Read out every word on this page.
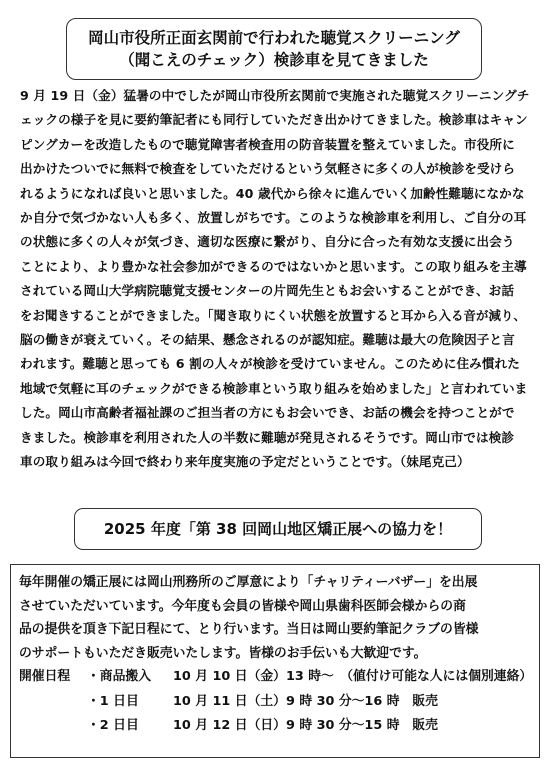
岡山市役所正面玄関前で行われた聴覚スクリーニング
（聞こえのチェック）検診車を見てきました
9 月 19 日（金）猛暑の中でしたが岡山市役所玄関前で実施された聴覚スクリーニングチ
ェックの様子を見に要約筆記者にも同行していただき出かけてきました。検診車はキャン
ピングカーを改造したもので聴覚障害者検査用の防音装置を整えていました。市役所に
出かけたついでに無料で検査をしていただけるという気軽さに多くの人が検診を受けら
れるようになれば良いと思いました。40 歳代から徐々に進んでいく加齢性難聴になかな
か自分で気づかない人も多く、放置しがちです。このような検診車を利用し、ご自分の耳
の状態に多くの人々が気づき、適切な医療に繋がり、自分に合った有効な支援に出会う
ことにより、より豊かな社会参加ができるのではないかと思います。この取り組みを主導
されている岡山大学病院聴覚支援センターの片岡先生ともお会いすることができ、お話
をお聞きすることができました。「聞き取りにくい状態を放置すると耳から入る音が減り、
脳の働きが衰えていく。その結果、懸念されるのが認知症。難聴は最大の危険因子と言
われます。難聴と思っても 6 割の人々が検診を受けていません。このために住み慣れた
地域で気軽に耳のチェックができる検診車という取り組みを始めました」と言われていま
した。岡山市高齢者福祉課のご担当者の方にもお会いでき、お話の機会を持つことがで
きました。検診車を利用された人の半数に難聴が発見されるそうです。岡山市では検診
車の取り組みは今回で終わり来年度実施の予定だということです。（妹尾克己）
2025 年度「第 38 回岡山地区矯正展への協力を！
毎年開催の矯正展には岡山刑務所のご厚意により「チャリティーバザー」を出展
させていただいています。今年度も会員の皆様や岡山県歯科医師会様からの商
品の提供を頂き下記日程にて、とり行います。当日は岡山要約筆記クラブの皆様
のサポートもいただき販売いたします。皆様のお手伝いも大歓迎です。
開催日程	・商品搬入	10 月 10 日（金）13 時～　（値付け可能な人には個別連絡）
・1 日目	10 月 11 日（土）9 時 30 分～16 時　販売
・2 日目	10 月 12 日（日）9 時 30 分～15 時　販売
